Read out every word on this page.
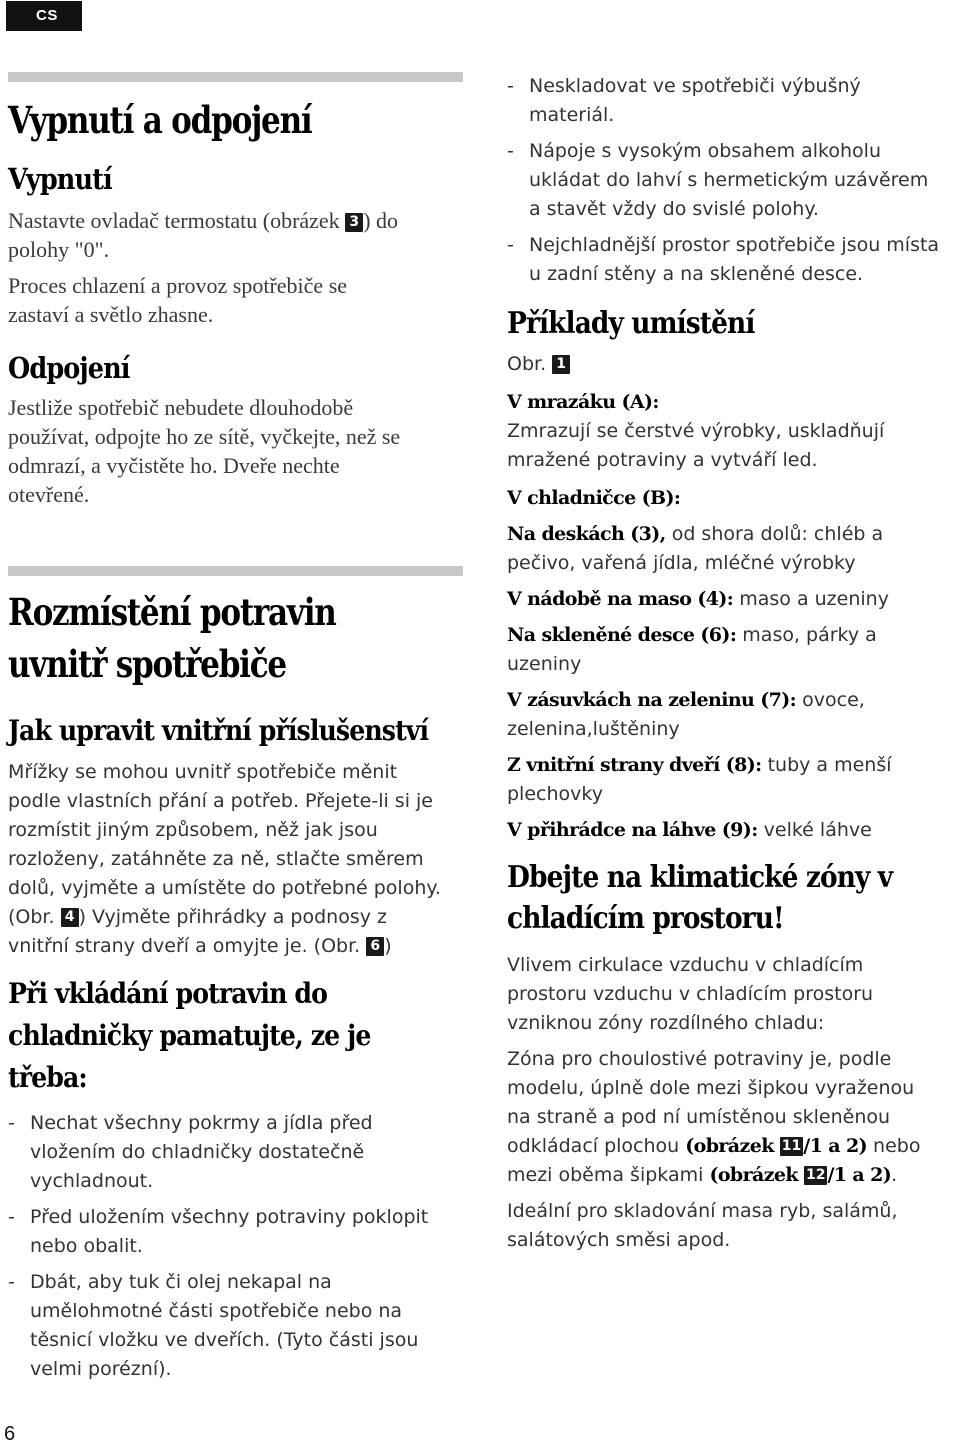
CS
Vypnutí a odpojení
Vypnutí
Nastavte ovladač termostatu (obrázek 3 ) do
polohy "0".
Proces chlazení a provoz spotřebiče se
zastaví a světlo zhasne.
Odpojení
Jestliže spotřebič nebudete dlouhodobě
používat, odpojte ho ze sítě, vyčkejte, než se
odmrazí, a vyčistěte ho. Dveře nechte
otevřené.
Rozmístění potravin
uvnitř spotřebiče
Jak upravit vnitřní příslušenství
Mřížky se mohou uvnitř spotřebiče měnit
podle vlastních přání a potřeb. Přejete-li si je
rozmístit jiným způsobem, něž jak jsou
rozloženy, zatáhněte za ně, stlačte směrem
dolů, vyjměte a umístěte do potřebné polohy.
(Obr. 4 ) Vyjměte přihrádky a podnosy z
vnitřní strany dveří a omyjte je. (Obr. 6 )
Při vkládání potravin do
chladničky pamatujte, ze je
třeba:
- Nechat všechny pokrmy a jídla před
vložením do chladničky dostatečně
vychladnout.
- Před uložením všechny potraviny poklopit
nebo obalit.
- Dbát, aby tuk či olej nekapal na
umělohmotné části spotřebiče nebo na
těsnicí vložku ve dveřích. (Tyto části jsou
velmi porézní).
- Neskladovat ve spotřebiči výbušný
materiál.
- Nápoje s vysokým obsahem alkoholu
ukládat do lahví s hermetickým uzávěrem
a stavět vždy do svislé polohy.
- Nejchladnější prostor spotřebiče jsou místa
u zadní stěny a na skleněné desce.
Příklady umístění
Obr. 1
V mrazáku (A):
Zmrazují se čerstvé výrobky, uskladňují
mražené potraviny a vytváří led.
V chladničce (B):
Na deskách (3), od shora dolů: chléb a
pečivo, vařená jídla, mléčné výrobky
V nádobě na maso (4): maso a uzeniny
Na skleněné desce (6): maso, párky a
uzeniny
V zásuvkách na zeleninu (7): ovoce,
zelenina,luštěniny
Z vnitřní strany dveří (8): tuby a menší
plechovky
V přihrádce na láhve (9): velké láhve
Dbejte na klimatické zóny v
chladícím prostoru!
Vlivem cirkulace vzduchu v chladícím
prostoru vzduchu v chladícím prostoru
vzniknou zóny rozdílného chladu:
Zóna pro choulostivé potraviny je, podle
modelu, úplně dole mezi šipkou vyraženou
na straně a pod ní umístěnou skleněnou
odkládací plochou (obrázek 11 /1 a 2) nebo
mezi oběma šipkami (obrázek 12 /1 a 2).
Ideální pro skladování masa ryb, salámů,
salátových směsi apod.
6
